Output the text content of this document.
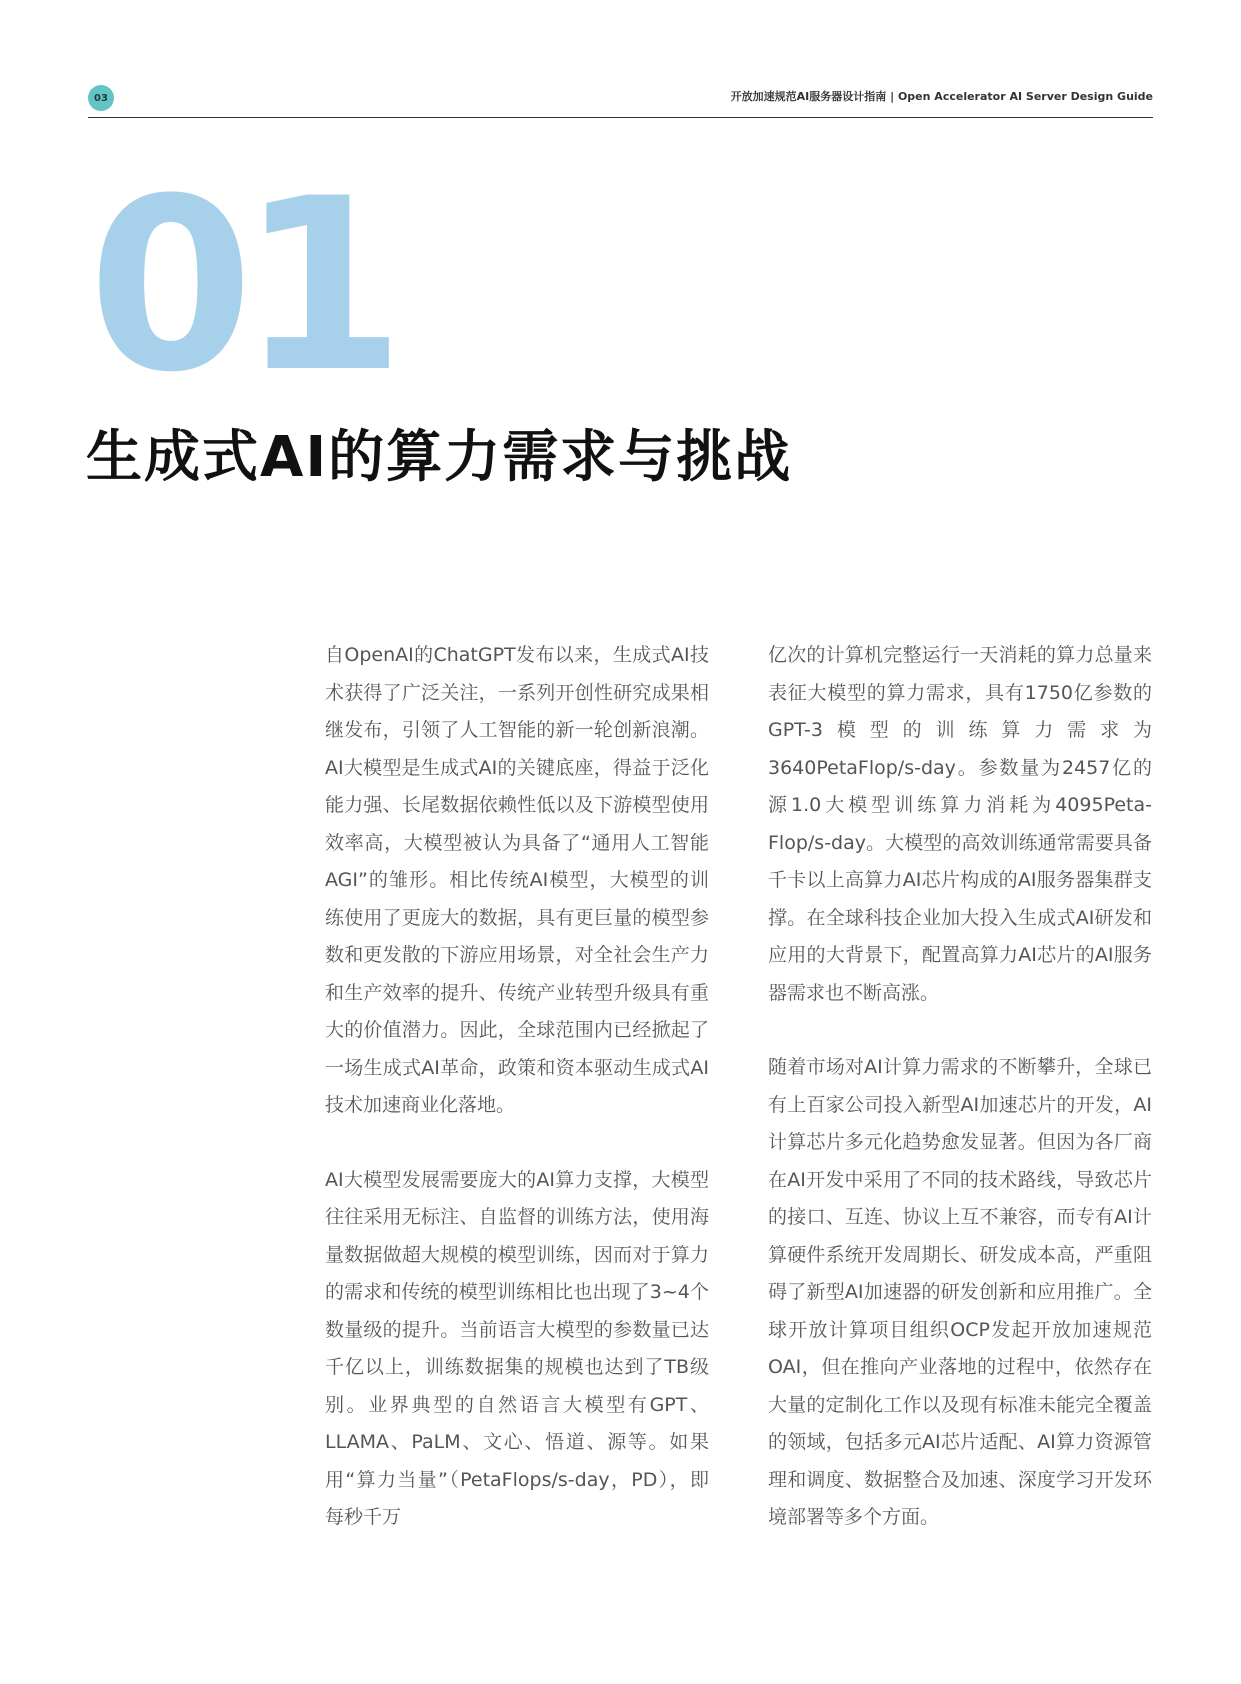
03	开放加速规范AI服务器设计指南 | Open Accelerator AI Server Design Guide
01
生成式AI的算力需求与挑战

自OpenAI的ChatGPT发布以来，生成式AI技术获得了广泛关注，一系列开创性研究成果相继发布，引领了人工智能的新一轮创新浪潮。AI大模型是生成式AI的关键底座，得益于泛化能力强、长尾数据依赖性低以及下游模型使用效率高，大模型被认为具备了“通用人工智能AGI”的雏形。相比传统AI模型，大模型的训练使用了更庞大的数据，具有更巨量的模型参数和更发散的下游应用场景，对全社会生产力和生产效率的提升、传统产业转型升级具有重大的价值潜力。因此，全球范围内已经掀起了一场生成式AI革命，政策和资本驱动生成式AI技术加速商业化落地。

AI大模型发展需要庞大的AI算力支撑，大模型往往采用无标注、自监督的训练方法，使用海量数据做超大规模的模型训练，因而对于算力的需求和传统的模型训练相比也出现了3~4个数量级的提升。当前语言大模型的参数量已达千亿以上，训练数据集的规模也达到了TB级别。业界典型的自然语言大模型有GPT、LLAMA、PaLM、文心、悟道、源等。如果用“算力当量”（PetaFlops/s-day，PD），即每秒千万

亿次的计算机完整运行一天消耗的算力总量来表征大模型的算力需求，具有1750亿参数的GPT-3模型的训练算力需求为3640PetaFlop/s-day。参数量为2457亿的源1.0大模型训练算力消耗为4095Peta-Flop/s-day。大模型的高效训练通常需要具备千卡以上高算力AI芯片构成的AI服务器集群支撑。在全球科技企业加大投入生成式AI研发和应用的大背景下，配置高算力AI芯片的AI服务器需求也不断高涨。

随着市场对AI计算力需求的不断攀升，全球已有上百家公司投入新型AI加速芯片的开发，AI计算芯片多元化趋势愈发显著。但因为各厂商在AI开发中采用了不同的技术路线，导致芯片的接口、互连、协议上互不兼容，而专有AI计算硬件系统开发周期长、研发成本高，严重阻碍了新型AI加速器的研发创新和应用推广。全球开放计算项目组织OCP发起开放加速规范OAI，但在推向产业落地的过程中，依然存在大量的定制化工作以及现有标准未能完全覆盖的领域，包括多元AI芯片适配、AI算力资源管理和调度、数据整合及加速、深度学习开发环境部署等多个方面。
